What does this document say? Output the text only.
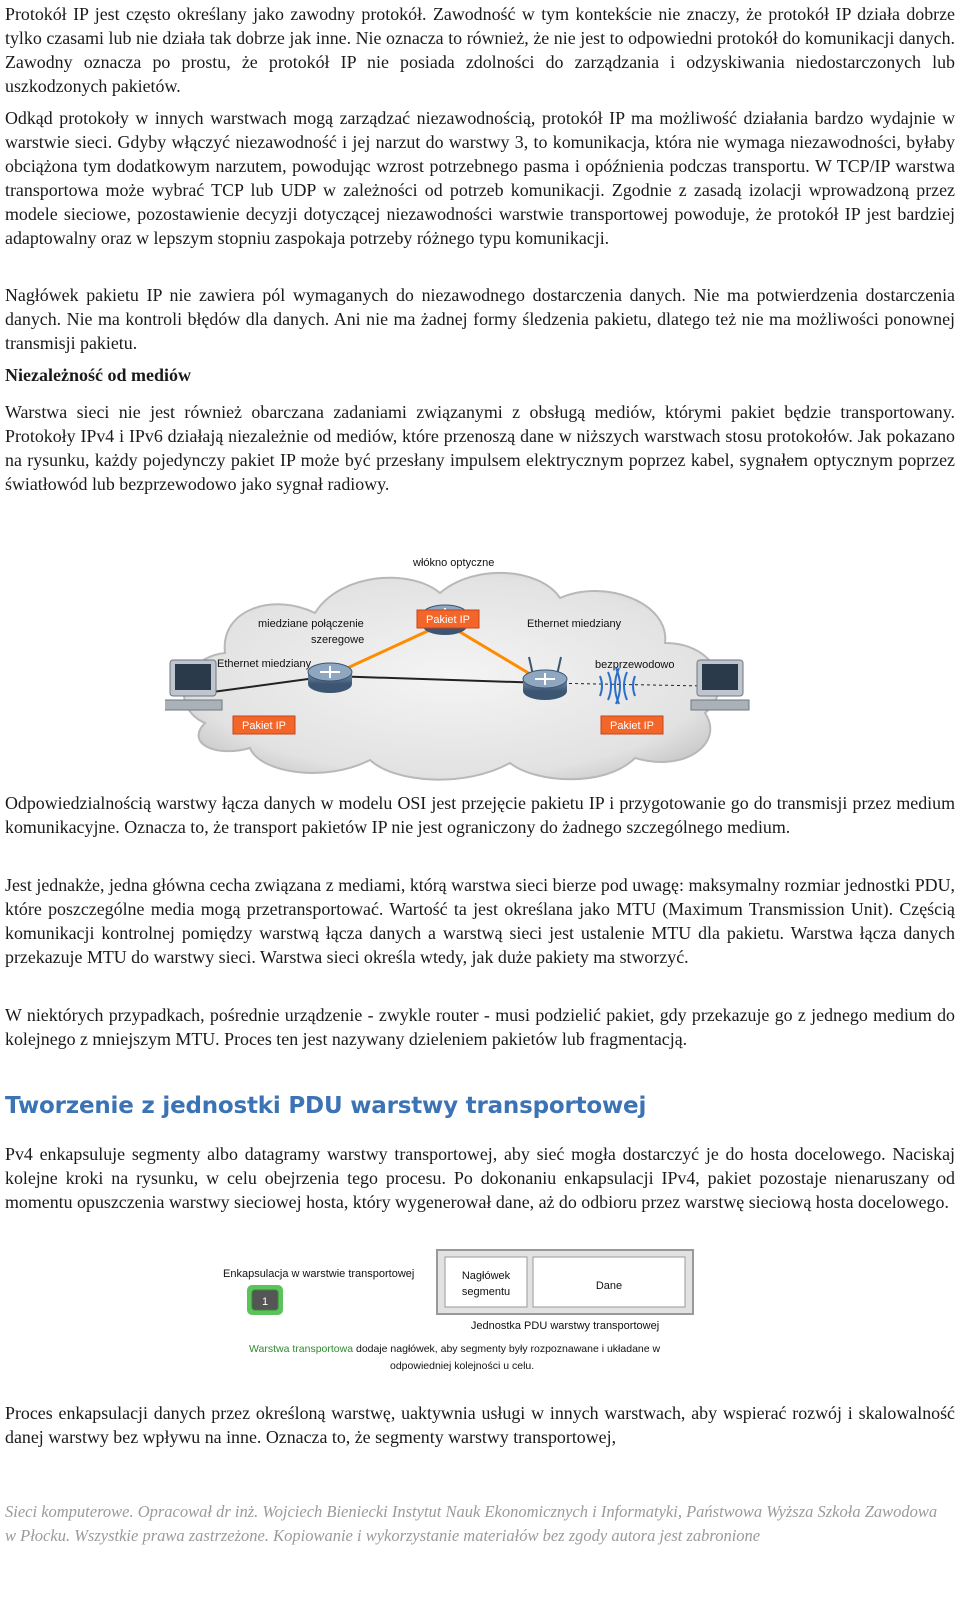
Protokół IP jest często określany jako zawodny protokół. Zawodność w tym kontekście nie znaczy, że protokół IP działa dobrze tylko czasami lub nie działa tak dobrze jak inne. Nie oznacza to również, że nie jest to odpowiedni protokół do komunikacji danych. Zawodny oznacza po prostu, że protokół IP nie posiada zdolności do zarządzania i odzyskiwania niedostarczonych lub uszkodzonych pakietów.

Odkąd protokoły w innych warstwach mogą zarządzać niezawodnością, protokół IP ma możliwość działania bardzo wydajnie w warstwie sieci. Gdyby włączyć niezawodność i jej narzut do warstwy 3, to komunikacja, która nie wymaga niezawodności, byłaby obciążona tym dodatkowym narzutem, powodując wzrost potrzebnego pasma i opóźnienia podczas transportu. W TCP/IP warstwa transportowa może wybrać TCP lub UDP w zależności od potrzeb komunikacji. Zgodnie z zasadą izolacji wprowadzoną przez modele sieciowe, pozostawienie decyzji dotyczącej niezawodności warstwie transportowej powoduje, że protokół IP jest bardziej adaptowalny oraz w lepszym stopniu zaspokaja potrzeby różnego typu komunikacji.

Nagłówek pakietu IP nie zawiera pól wymaganych do niezawodnego dostarczenia danych. Nie ma potwierdzenia dostarczenia danych. Nie ma kontroli błędów dla danych. Ani nie ma żadnej formy śledzenia pakietu, dlatego też nie ma możliwości ponownej transmisji pakietu.

Niezależność od mediów

Warstwa sieci nie jest również obarczana zadaniami związanymi z obsługą mediów, którymi pakiet będzie transportowany. Protokoły IPv4 i IPv6 działają niezależnie od mediów, które przenoszą dane w niższych warstwach stosu protokołów. Jak pokazano na rysunku, każdy pojedynczy pakiet IP może być przesłany impulsem elektrycznym poprzez kabel, sygnałem optycznym poprzez światłowód lub bezprzewodowo jako sygnał radiowy.

włókno optyczne
miedziane połączenie
szeregowe
Ethernet miedziany
Ethernet miedziany	bezprzewodowo
Pakiet IP
Pakiet IP	Pakiet IP

Odpowiedzialnością warstwy łącza danych w modelu OSI jest przejęcie pakietu IP i przygotowanie go do transmisji przez medium komunikacyjne. Oznacza to, że transport pakietów IP nie jest ograniczony do żadnego szczególnego medium.

Jest jednakże, jedna główna cecha związana z mediami, którą warstwa sieci bierze pod uwagę: maksymalny rozmiar jednostki PDU, które poszczególne media mogą przetransportować. Wartość ta jest określana jako MTU (Maximum Transmission Unit). Częścią komunikacji kontrolnej pomiędzy warstwą łącza danych a warstwą sieci jest ustalenie MTU dla pakietu. Warstwa łącza danych przekazuje MTU do warstwy sieci. Warstwa sieci określa wtedy, jak duże pakiety ma stworzyć.

W niektórych przypadkach, pośrednie urządzenie - zwykle router - musi podzielić pakiet, gdy przekazuje go z jednego medium do kolejnego z mniejszym MTU. Proces ten jest nazywany dzieleniem pakietów lub fragmentacją.

Tworzenie z jednostki PDU warstwy transportowej

Pv4 enkapsuluje segmenty albo datagramy warstwy transportowej, aby sieć mogła dostarczyć je do hosta docelowego. Naciskaj kolejne kroki na rysunku, w celu obejrzenia tego procesu. Po dokonaniu enkapsulacji IPv4, pakiet pozostaje nienaruszany od momentu opuszczenia warstwy sieciowej hosta, który wygenerował dane, aż do odbioru przez warstwę sieciową hosta docelowego.

Enkapsulacja w warstwie transportowej
1
Nagłówek
segmentu	Dane
Jednostka PDU warstwy transportowej
Warstwa transportowa dodaje nagłówek, aby segmenty były rozpoznawane i układane w
odpowiedniej kolejności u celu.

Proces enkapsulacji danych przez określoną warstwę, uaktywnia usługi w innych warstwach, aby wspierać rozwój i skalowalność danej warstwy bez wpływu na inne. Oznacza to, że segmenty warstwy transportowej,

Sieci komputerowe. Opracował dr inż. Wojciech Bieniecki Instytut Nauk Ekonomicznych i Informatyki, Państwowa Wyższa Szkoła Zawodowa w Płocku. Wszystkie prawa zastrzeżone. Kopiowanie i wykorzystanie materiałów bez zgody autora jest zabronione
